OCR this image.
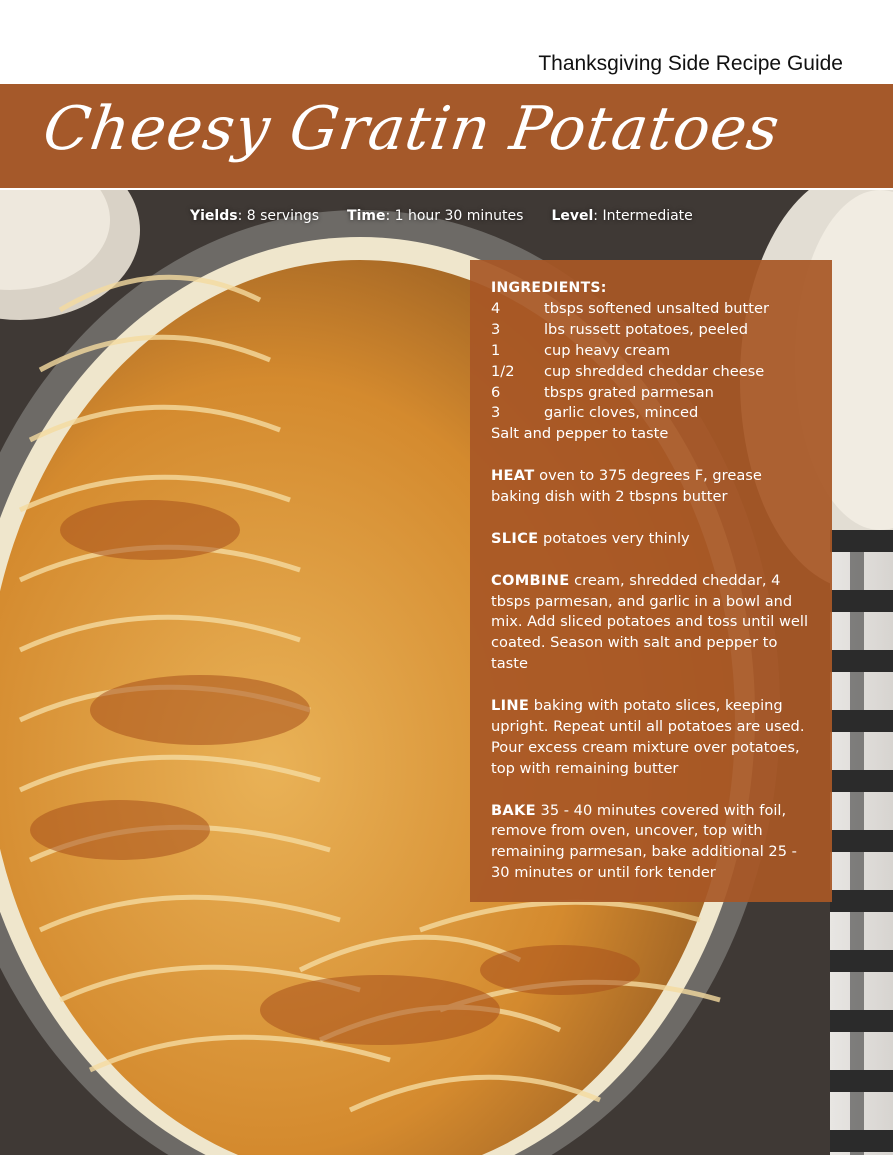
Thanksgiving Side Recipe Guide
Cheesy Gratin Potatoes
Yields: 8 servings Time: 1 hour 30 minutes Level: Intermediate
INGREDIENTS:
4	tbsps softened unsalted butter
3	lbs russett potatoes, peeled
1	cup heavy cream
1/2	cup shredded cheddar cheese
6	tbsps grated parmesan
3	garlic cloves, minced
Salt and pepper to taste
HEAT oven to 375 degrees F, grease baking dish with 2 tbspns butter
SLICE potatoes very thinly
COMBINE cream, shredded cheddar, 4 tbsps parmesan, and garlic in a bowl and mix. Add sliced potatoes and toss until well coated. Season with salt and pepper to taste
LINE baking with potato slices, keeping upright. Repeat until all potatoes are used. Pour excess cream mixture over potatoes, top with remaining butter
BAKE 35 - 40 minutes covered with foil, remove from oven, uncover, top with remaining parmesan, bake additional 25 - 30 minutes or until fork tender
